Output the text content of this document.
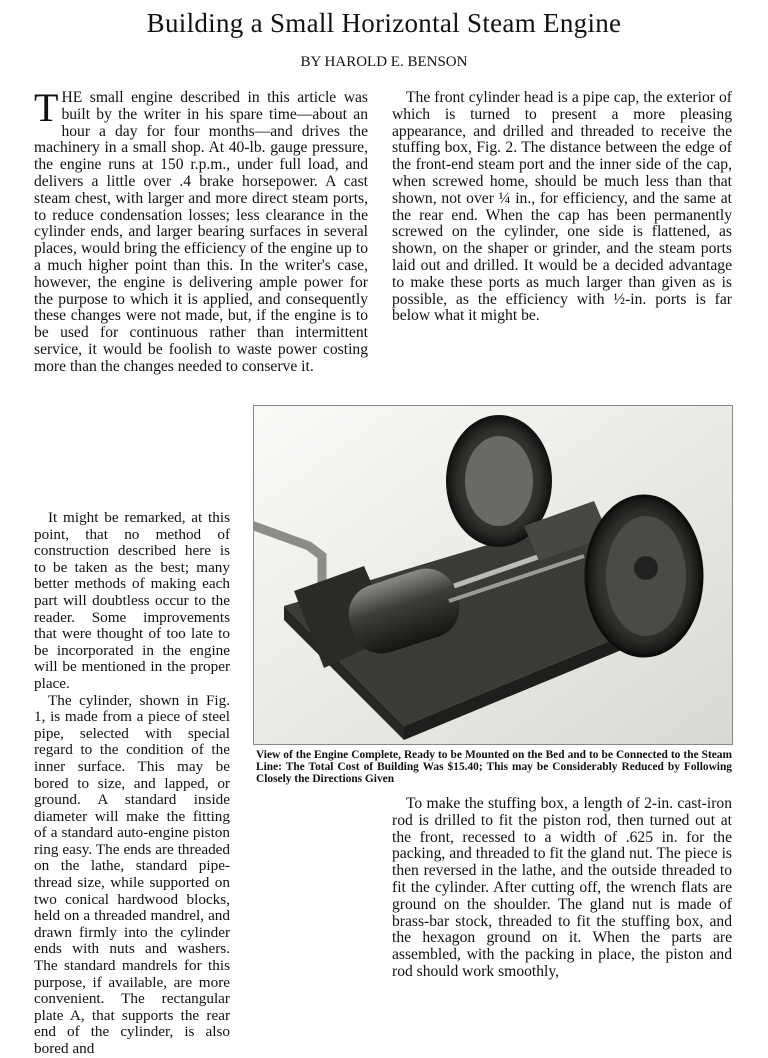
Building a Small Horizontal Steam Engine
BY HAROLD E. BENSON

THE small engine described in this article was built by the writer in his spare time—about an hour a day for four months—and drives the machinery in a small shop. At 40-lb. gauge pressure, the engine runs at 150 r.p.m., under full load, and delivers a little over .4 brake horsepower. A cast steam chest, with larger and more direct steam ports, to reduce condensation losses; less clearance in the cylinder ends, and larger bearing surfaces in several places, would bring the efficiency of the engine up to a much higher point than this. In the writer's case, however, the engine is delivering ample power for the purpose to which it is applied, and consequently these changes were not made, but, if the engine is to be used for continuous rather than intermittent service, it would be foolish to waste power costing more than the changes needed to conserve it.

It might be remarked, at this point, that no method of construction described here is to be taken as the best; many better methods of making each part will doubtless occur to the reader. Some improvements that were thought of too late to be incorporated in the engine will be mentioned in the proper place.

The cylinder, shown in Fig. 1, is made from a piece of steel pipe, selected with special regard to the condition of the inner surface. This may be bored to size, and lapped, or ground. A standard inside diameter will make the fitting of a standard auto-engine piston ring easy. The ends are threaded on the lathe, standard pipe-thread size, while supported on two conical hardwood blocks, held on a threaded mandrel, and drawn firmly into the cylinder ends with nuts and washers. The standard mandrels for this purpose, if available, are more convenient. The rectangular plate A, that supports the rear end of the cylinder, is also bored and

The front cylinder head is a pipe cap, the exterior of which is turned to present a more pleasing appearance, and drilled and threaded to receive the stuffing box, Fig. 2. The distance between the edge of the front-end steam port and the inner side of the cap, when screwed home, should be much less than that shown, not over ¼ in., for efficiency, and the same at the rear end. When the cap has been permanently screwed on the cylinder, one side is flattened, as shown, on the shaper or grinder, and the steam ports laid out and drilled. It would be a decided advantage to make these ports as much larger than given as is possible, as the efficiency with ½-in. ports is far below what it might be.

View of the Engine Complete, Ready to be Mounted on the Bed and to be Connected to the Steam Line: The Total Cost of Building Was $15.40; This may be Considerably Reduced by Following Closely the Directions Given

To make the stuffing box, a length of 2-in. cast-iron rod is drilled to fit the piston rod, then turned out at the front, recessed to a width of .625 in. for the packing, and threaded to fit the gland nut. The piece is then reversed in the lathe, and the outside threaded to fit the cylinder. After cutting off, the wrench flats are ground on the shoulder. The gland nut is made of brass-bar stock, threaded to fit the stuffing box, and the hexagon ground on it. When the parts are assembled, with the packing in place, the piston and rod should work smoothly,
